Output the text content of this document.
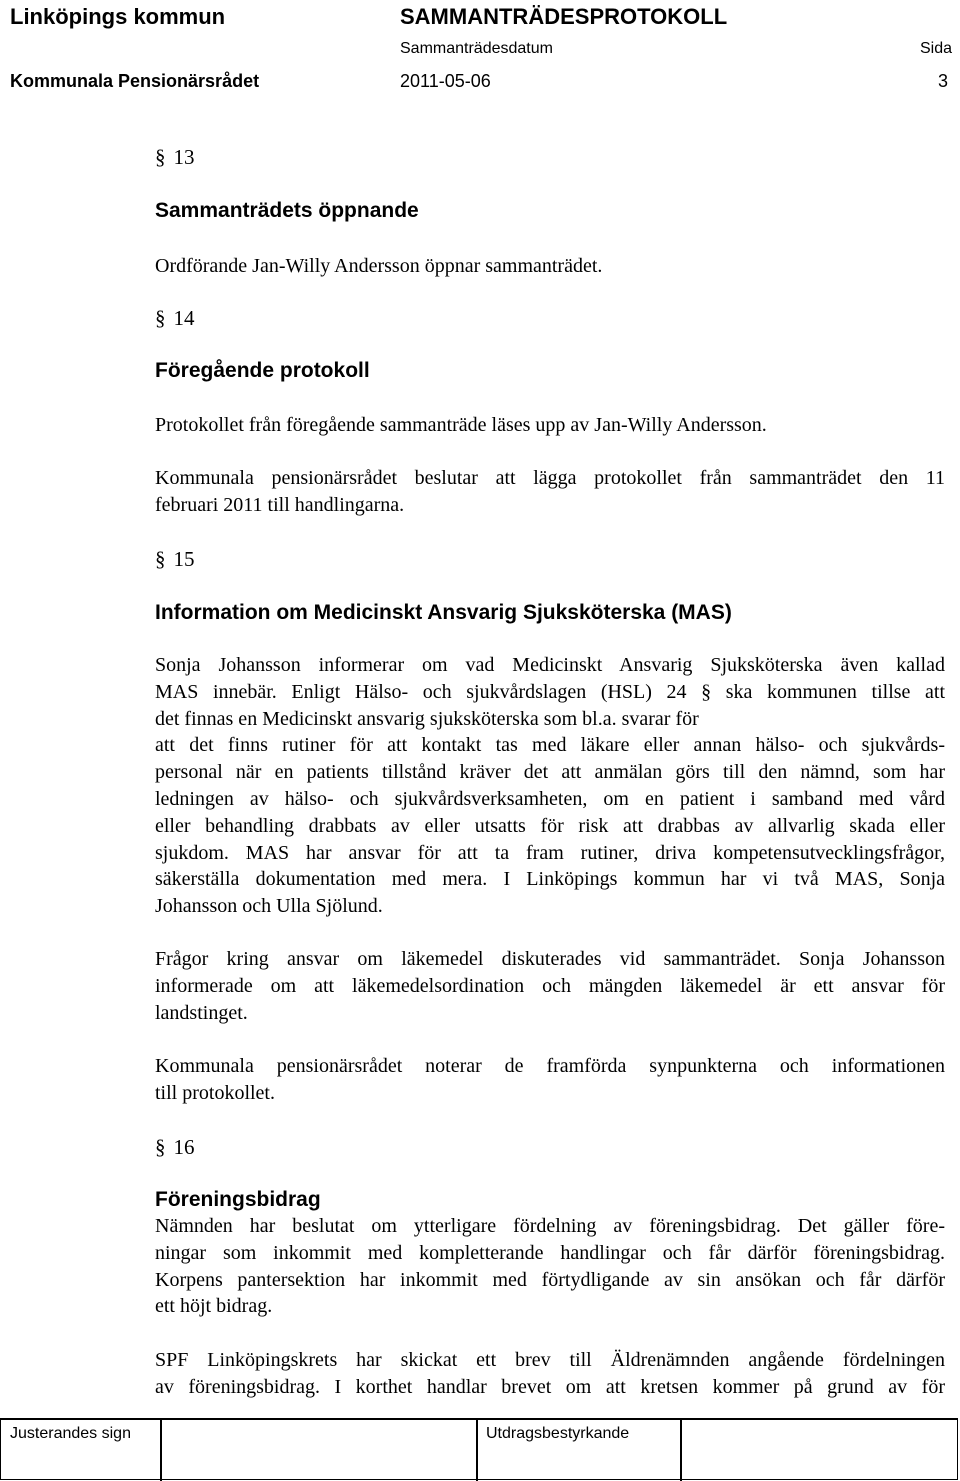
Linköpings kommun	SAMMANTRÄDESPROTOKOLL
Sammanträdesdatum	Sida
Kommunala Pensionärsrådet	2011-05-06	3
§ 13
Sammanträdets öppnande
Ordförande Jan-Willy Andersson öppnar sammanträdet.
§ 14
Föregående protokoll
Protokollet från föregående sammanträde läses upp av Jan-Willy Andersson.
Kommunala pensionärsrådet beslutar att lägga protokollet från sammanträdet den 11
februari 2011 till handlingarna.
§ 15
Information om Medicinskt Ansvarig Sjuksköterska (MAS)
Sonja Johansson informerar om vad Medicinskt Ansvarig Sjuksköterska även kallad
MAS innebär. Enligt Hälso- och sjukvårdslagen (HSL) 24 § ska kommunen tillse att
det finnas en Medicinskt ansvarig sjuksköterska som bl.a. svarar för
att det finns rutiner för att kontakt tas med läkare eller annan hälso- och sjukvårds-
personal när en patients tillstånd kräver det att anmälan görs till den nämnd, som har
ledningen av hälso- och sjukvårdsverksamheten, om en patient i samband med vård
eller behandling drabbats av eller utsatts för risk att drabbas av allvarlig skada eller
sjukdom. MAS har ansvar för att ta fram rutiner, driva kompetensutvecklingsfrågor,
säkerställa dokumentation med mera. I Linköpings kommun har vi två MAS, Sonja
Johansson och Ulla Sjölund.
Frågor kring ansvar om läkemedel diskuterades vid sammanträdet. Sonja Johansson
informerade om att läkemedelsordination och mängden läkemedel är ett ansvar för
landstinget.
Kommunala pensionärsrådet noterar de framförda synpunkterna och informationen
till protokollet.
§ 16
Föreningsbidrag
Nämnden har beslutat om ytterligare fördelning av föreningsbidrag. Det gäller före-
ningar som inkommit med kompletterande handlingar och får därför föreningsbidrag.
Korpens pantersektion har inkommit med förtydligande av sin ansökan och får därför
ett höjt bidrag.
SPF Linköpingskrets har skickat ett brev till Äldrenämnden angående fördelningen
av föreningsbidrag. I korthet handlar brevet om att kretsen kommer på grund av för
Justerandes sign	Utdragsbestyrkande
